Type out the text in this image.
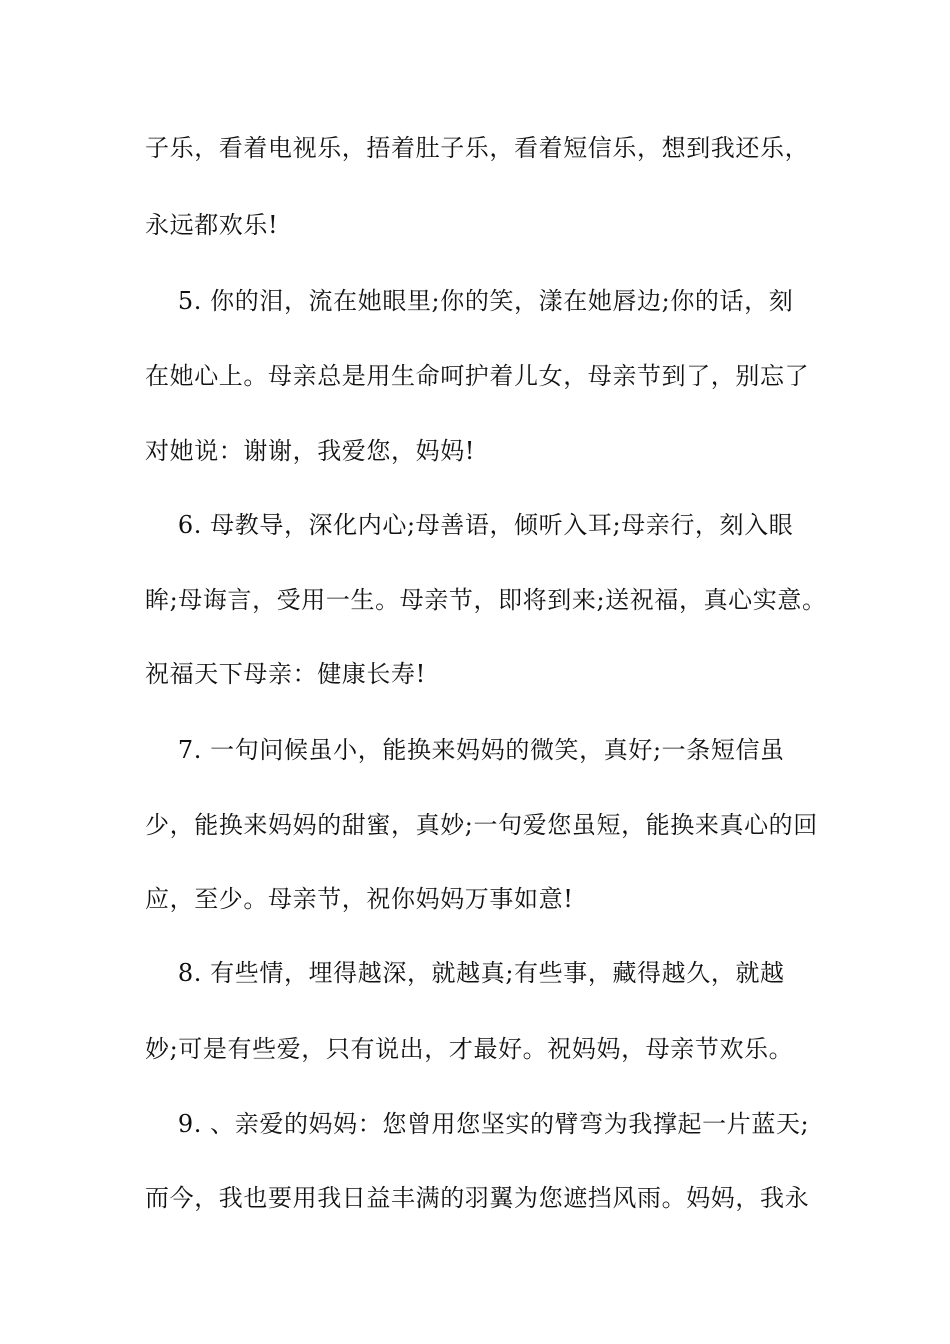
子乐，看着电视乐，捂着肚子乐，看着短信乐，想到我还乐，
永远都欢乐!
　 5. 你的泪，流在她眼里;你的笑，漾在她唇边;你的话，刻
在她心上。母亲总是用生命呵护着儿女，母亲节到了，别忘了
对她说：谢谢，我爱您，妈妈!
　 6. 母教导，深化内心;母善语，倾听入耳;母亲行，刻入眼
眸;母诲言，受用一生。母亲节，即将到来;送祝福，真心实意。
祝福天下母亲：健康长寿!
　 7. 一句问候虽小，能换来妈妈的微笑，真好;一条短信虽
少，能换来妈妈的甜蜜，真妙;一句爱您虽短，能换来真心的回
应，至少。母亲节，祝你妈妈万事如意!
　 8. 有些情，埋得越深，就越真;有些事，藏得越久，就越
妙;可是有些爱，只有说出，才最好。祝妈妈，母亲节欢乐。
　 9. 、亲爱的妈妈：您曾用您坚实的臂弯为我撑起一片蓝天;
而今，我也要用我日益丰满的羽翼为您遮挡风雨。妈妈，我永
